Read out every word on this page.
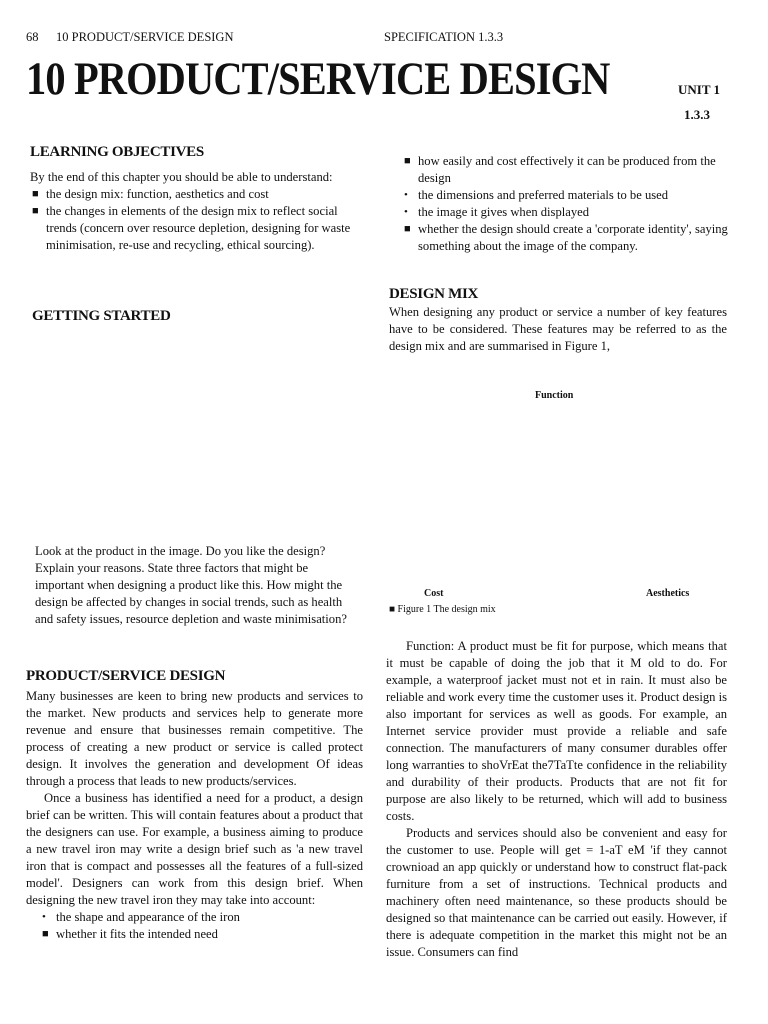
68 10 PRODUCT/SERVICE DESIGN	SPECIFICATION 1.3.3
10 PRODUCT/SERVICE DESIGN	UNIT 1
1.3.3
LEARNING OBJECTIVES

By the end of this chapter you should be able to understand:

■ the design mix: function, aesthetics and cost
■ the changes in elements of the design mix to reflect social trends (concern over resource depletion, designing for waste minimisation, re-use and recycling, ethical sourcing).
GETTING STARTED
Look at the product in the image. Do you like the design? Explain your reasons. State three factors that might be important when designing a product like this. How might the design be affected by changes in social trends, such as health and safety issues, resource depletion and waste minimisation?
PRODUCT/SERVICE DESIGN

Many businesses are keen to bring new products and services to the market. New products and services help to generate more revenue and ensure that businesses remain competitive. The process of creating a new product or service is called protect design. It involves the generation and development Of ideas through a process that leads to new products/services.

Once a business has identified a need for a product, a design brief can be written. This will contain features about a product that the designers can use. For example, a business aiming to produce a new travel iron may write a design brief such as 'a new travel iron that is compact and possesses all the features of a full-sized model'. Designers can work from this design brief. When designing the new travel iron they may take into account:

• the shape and appearance of the iron
■ whether it fits the intended need
■ how easily and cost effectively it can be produced from the design
• the dimensions and preferred materials to be used
• the image it gives when displayed
■ whether the design should create a 'corporate identity', saying something about the image of the company.
DESIGN MIX
When designing any product or service a number of key features have to be considered. These features may be referred to as the design mix and are summarised in Figure 1,
Function
Cost	Aesthetics
■ Figure 1 The design mix

Function: A product must be fit for purpose, which means that it must be capable of doing the job that it M old to do. For example, a waterproof jacket must not et in rain. It must also be reliable and work every time the customer uses it. Product design is also important for services as well as goods. For example, an Internet service provider must provide a reliable and safe connection. The manufacturers of many consumer durables offer long warranties to shoVrEat the7TaTte confidence in the reliability and durability of their products. Products that are not fit for purpose are also likely to be returned, which will add to business costs.

Products and services should also be convenient and easy for the customer to use. People will get = 1-aT eM 'if they cannot crownioad an app quickly or understand how to construct flat-pack furniture from a set of instructions. Technical products and machinery often need maintenance, so these products should be designed so that maintenance can be carried out easily. However, if there is adequate competition in the market this might not be an issue. Consumers can find
